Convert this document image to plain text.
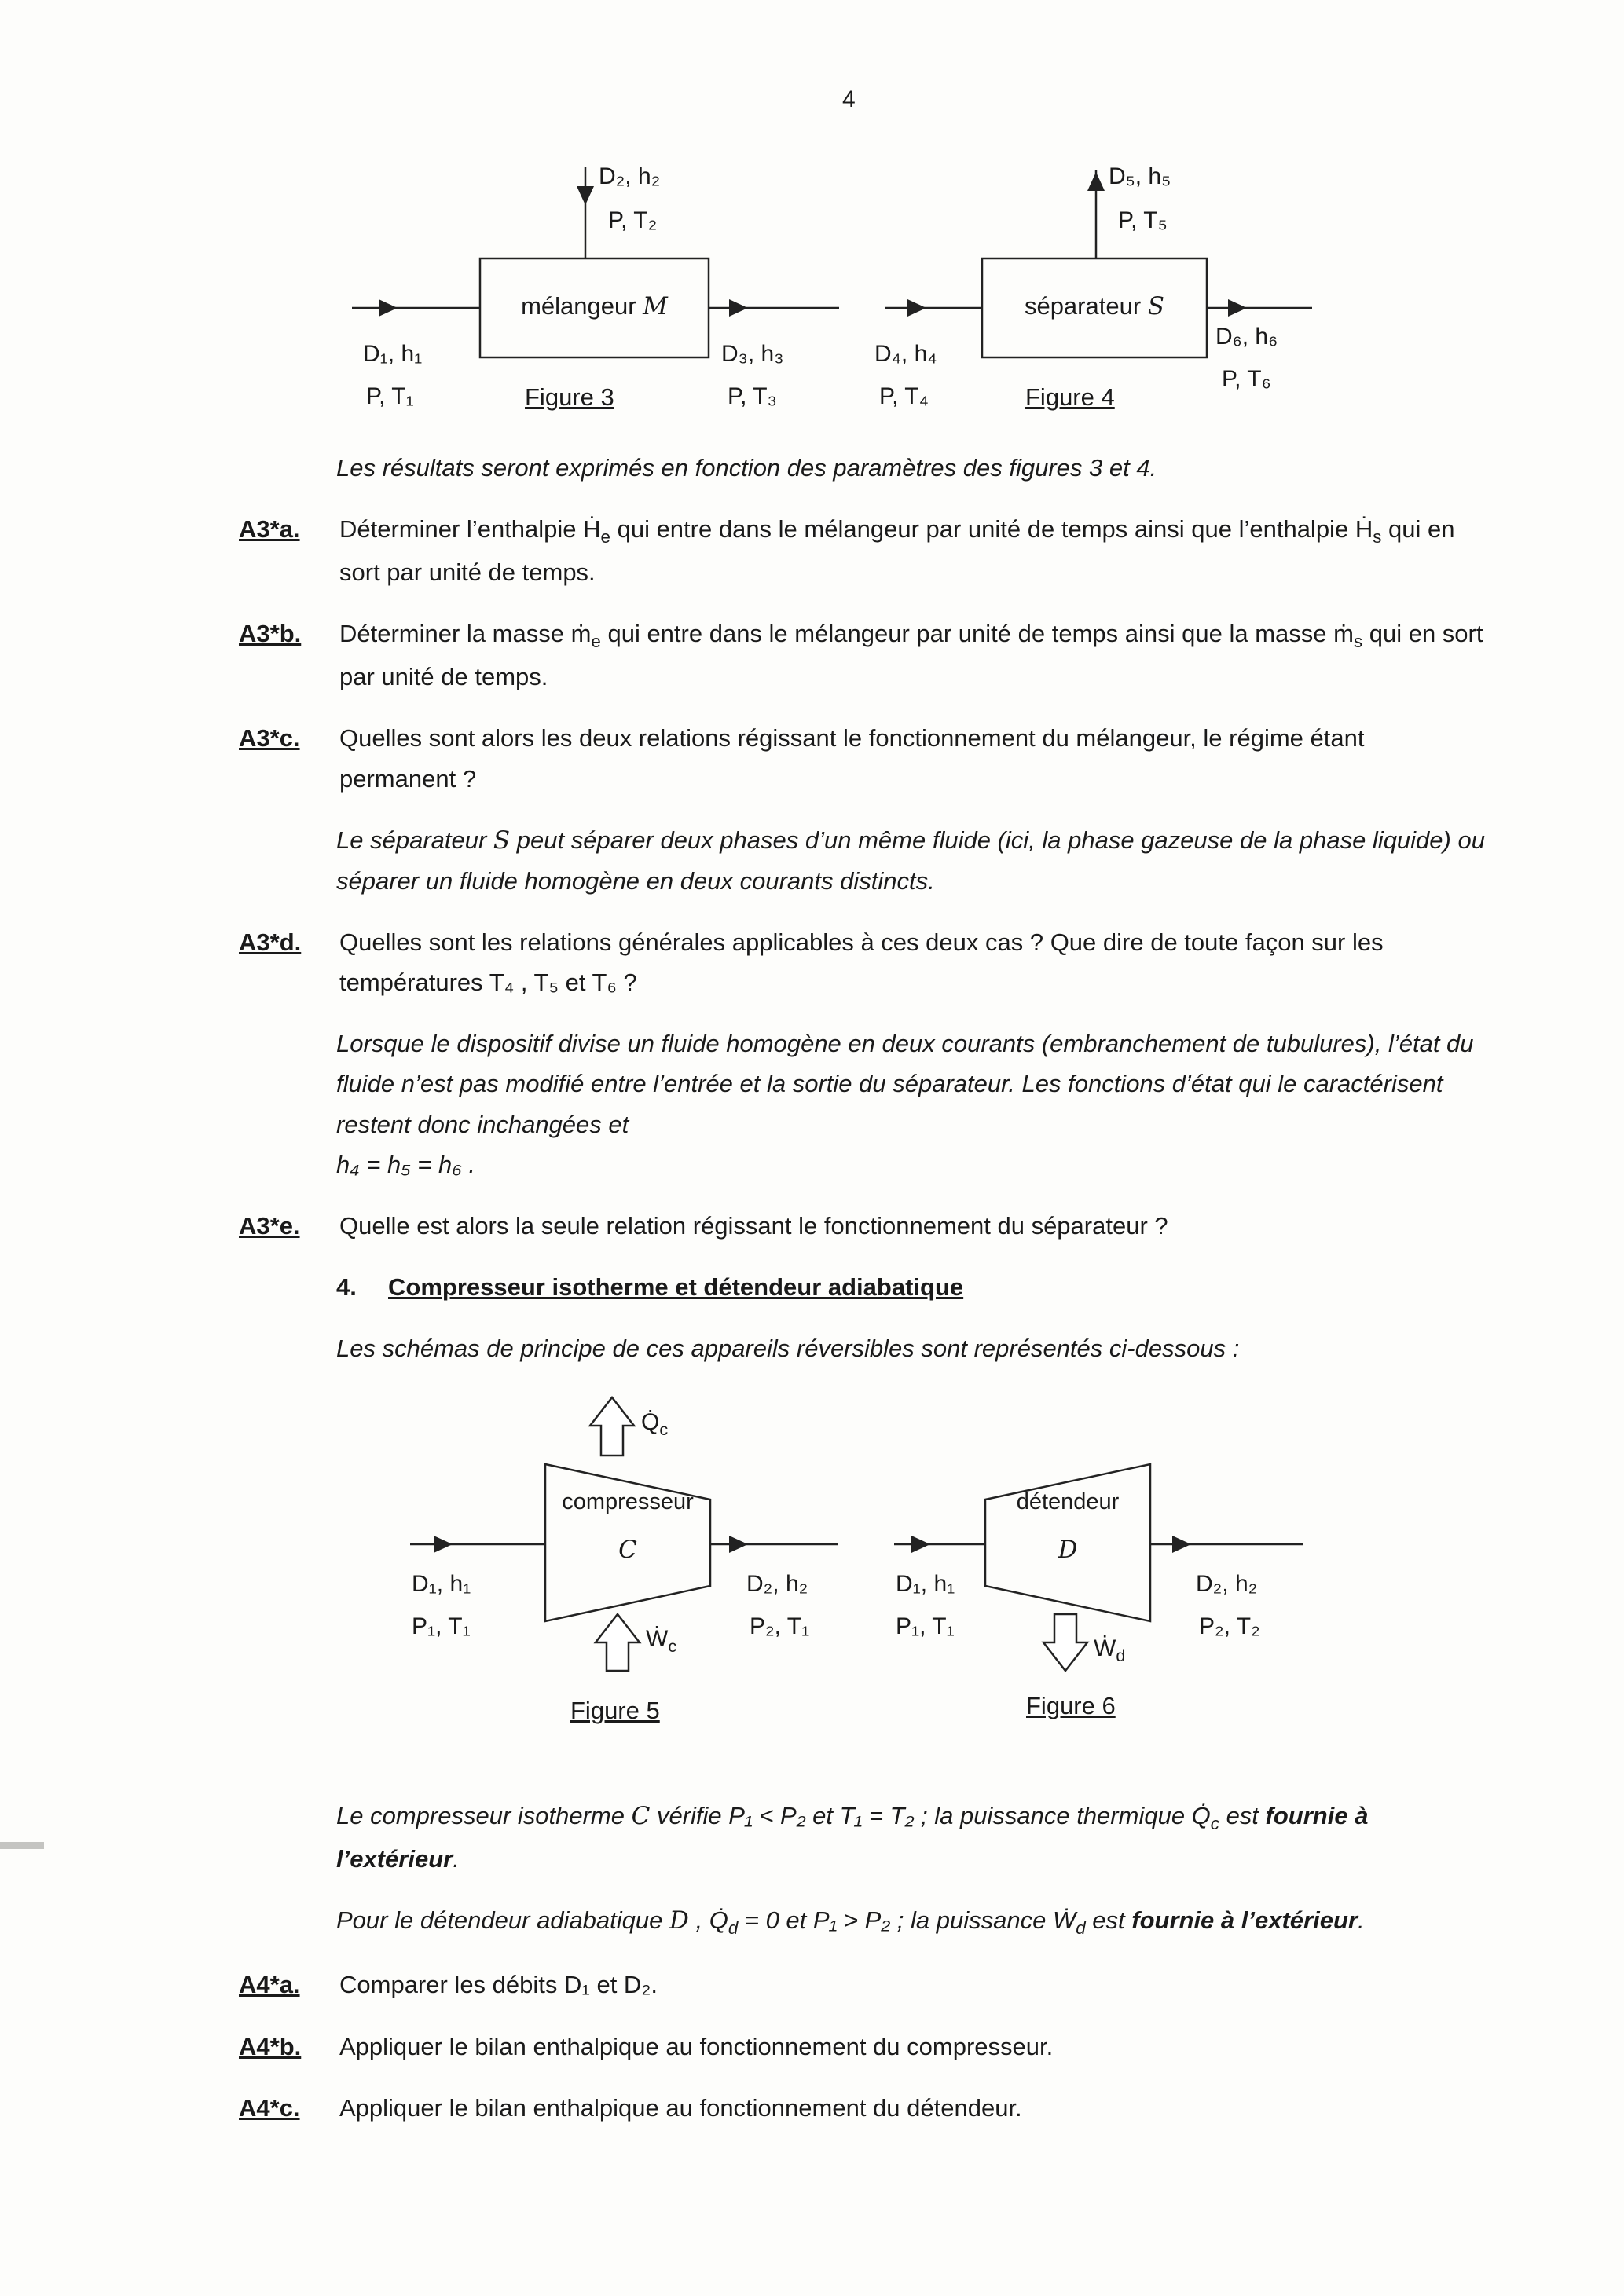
4
D₂, h₂
P, T₂
mélangeur M
D₁, h₁
P, T₁
D₃, h₃
P, T₃
Figure 3
D₅, h₅
P, T₅
séparateur S
D₄, h₄
P, T₄
D₆, h₆
P, T₆
Figure 4

Les résultats seront exprimés en fonction des paramètres des figures 3 et 4.

A3*a.	Déterminer l’enthalpie Ḣ$_e$ qui entre dans le mélangeur par unité de temps ainsi que l’enthalpie Ḣ$_s$ qui en sort par unité de temps.
A3*b.	Déterminer la masse ṁ$_e$ qui entre dans le mélangeur par unité de temps ainsi que la masse ṁ$_s$ qui en sort par unité de temps.
A3*c.	Quelles sont alors les deux relations régissant le fonctionnement du mélangeur, le régime étant permanent ?

Le séparateur S peut séparer deux phases d’un même fluide (ici, la phase gazeuse de la phase liquide) ou séparer un fluide homogène en deux courants distincts.

A3*d.	Quelles sont les relations générales applicables à ces deux cas ? Que dire de toute façon sur les températures T₄ , T₅ et T₆ ?

Lorsque le dispositif divise un fluide homogène en deux courants (embranchement de tubulures), l’état du fluide n’est pas modifié entre l’entrée et la sortie du séparateur. Les fonctions d’état qui le caractérisent restent donc inchangées et
h₄ = h₅ = h₆ .

A3*e.	Quelle est alors la seule relation régissant le fonctionnement du séparateur ?

4. Compresseur isotherme et détendeur adiabatique

Les schémas de principe de ces appareils réversibles sont représentés ci-dessous :

$Q̇_c$
compresseur
C
D₁, h₁
P₁, T₁
D₂, h₂
P₂, T₁
Ẇ$_c$
Figure 5
détendeur
D
D₁, h₁
P₁, T₁
D₂, h₂
P₂, T₂
Ẇ$_d$
Figure 6

Le compresseur isotherme C vérifie P₁ < P₂ et T₁ = T₂ ; la puissance thermique $Q̇_c$ est fournie à l’extérieur.

Pour le détendeur adiabatique D , $Q̇_d = 0$ et P₁ > P₂ ; la puissance Ẇ$_d$ est fournie à l’extérieur.

A4*a.	Comparer les débits D₁ et D₂.
A4*b.	Appliquer le bilan enthalpique au fonctionnement du compresseur.
A4*c.	Appliquer le bilan enthalpique au fonctionnement du détendeur.
